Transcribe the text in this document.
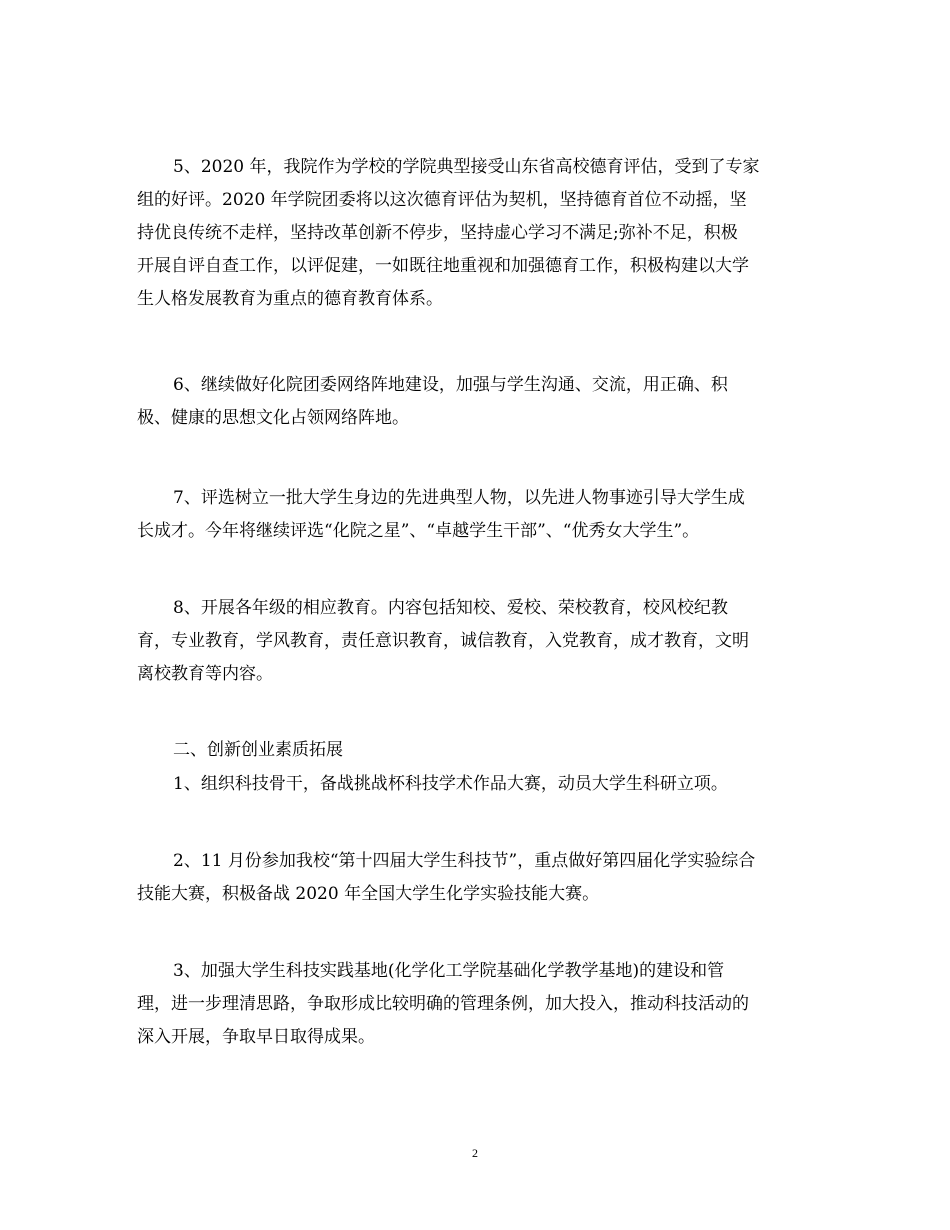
5、2020 年，我院作为学校的学院典型接受山东省高校德育评估，受到了专家
组的好评。2020 年学院团委将以这次德育评估为契机，坚持德育首位不动摇，坚
持优良传统不走样，坚持改革创新不停步，坚持虚心学习不满足;弥补不足，积极
开展自评自查工作，以评促建，一如既往地重视和加强德育工作，积极构建以大学
生人格发展教育为重点的德育教育体系。

6、继续做好化院团委网络阵地建设，加强与学生沟通、交流，用正确、积
极、健康的思想文化占领网络阵地。

7、评选树立一批大学生身边的先进典型人物，以先进人物事迹引导大学生成
长成才。今年将继续评选“化院之星”、“卓越学生干部”、“优秀女大学生”。

8、开展各年级的相应教育。内容包括知校、爱校、荣校教育，校风校纪教
育，专业教育，学风教育，责任意识教育，诚信教育，入党教育，成才教育，文明
离校教育等内容。

二、创新创业素质拓展

1、组织科技骨干，备战挑战杯科技学术作品大赛，动员大学生科研立项。

2、11 月份参加我校“第十四届大学生科技节”，重点做好第四届化学实验综合
技能大赛，积极备战 2020 年全国大学生化学实验技能大赛。

3、加强大学生科技实践基地(化学化工学院基础化学教学基地)的建设和管
理，进一步理清思路，争取形成比较明确的管理条例，加大投入，推动科技活动的
深入开展，争取早日取得成果。

2
